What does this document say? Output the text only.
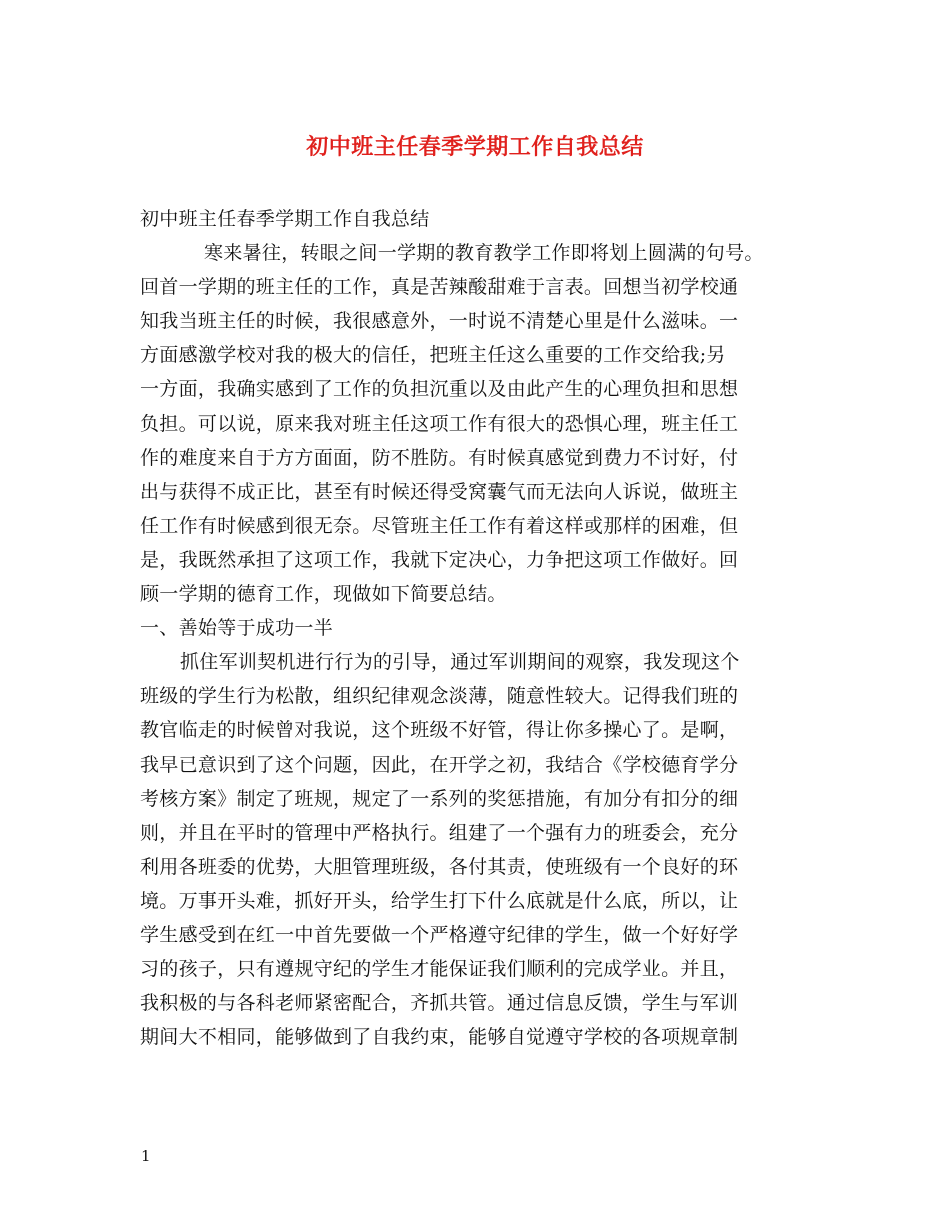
初中班主任春季学期工作自我总结
初中班主任春季学期工作自我总结
寒来暑往，转眼之间一学期的教育教学工作即将划上圆满的句号。
回首一学期的班主任的工作，真是苦辣酸甜难于言表。回想当初学校通
知我当班主任的时候，我很感意外，一时说不清楚心里是什么滋味。一
方面感激学校对我的极大的信任，把班主任这么重要的工作交给我;另
一方面，我确实感到了工作的负担沉重以及由此产生的心理负担和思想
负担。可以说，原来我对班主任这项工作有很大的恐惧心理，班主任工
作的难度来自于方方面面，防不胜防。有时候真感觉到费力不讨好，付
出与获得不成正比，甚至有时候还得受窝囊气而无法向人诉说，做班主
任工作有时候感到很无奈。尽管班主任工作有着这样或那样的困难，但
是，我既然承担了这项工作，我就下定决心，力争把这项工作做好。回
顾一学期的德育工作，现做如下简要总结。
一、善始等于成功一半
抓住军训契机进行行为的引导，通过军训期间的观察，我发现这个
班级的学生行为松散，组织纪律观念淡薄，随意性较大。记得我们班的
教官临走的时候曾对我说，这个班级不好管，得让你多操心了。是啊，
我早已意识到了这个问题，因此，在开学之初，我结合《学校德育学分
考核方案》制定了班规，规定了一系列的奖惩措施，有加分有扣分的细
则，并且在平时的管理中严格执行。组建了一个强有力的班委会，充分
利用各班委的优势，大胆管理班级，各付其责，使班级有一个良好的环
境。万事开头难，抓好开头，给学生打下什么底就是什么底，所以，让
学生感受到在红一中首先要做一个严格遵守纪律的学生，做一个好好学
习的孩子，只有遵规守纪的学生才能保证我们顺利的完成学业。并且，
我积极的与各科老师紧密配合，齐抓共管。通过信息反馈，学生与军训
期间大不相同，能够做到了自我约束，能够自觉遵守学校的各项规章制
1
